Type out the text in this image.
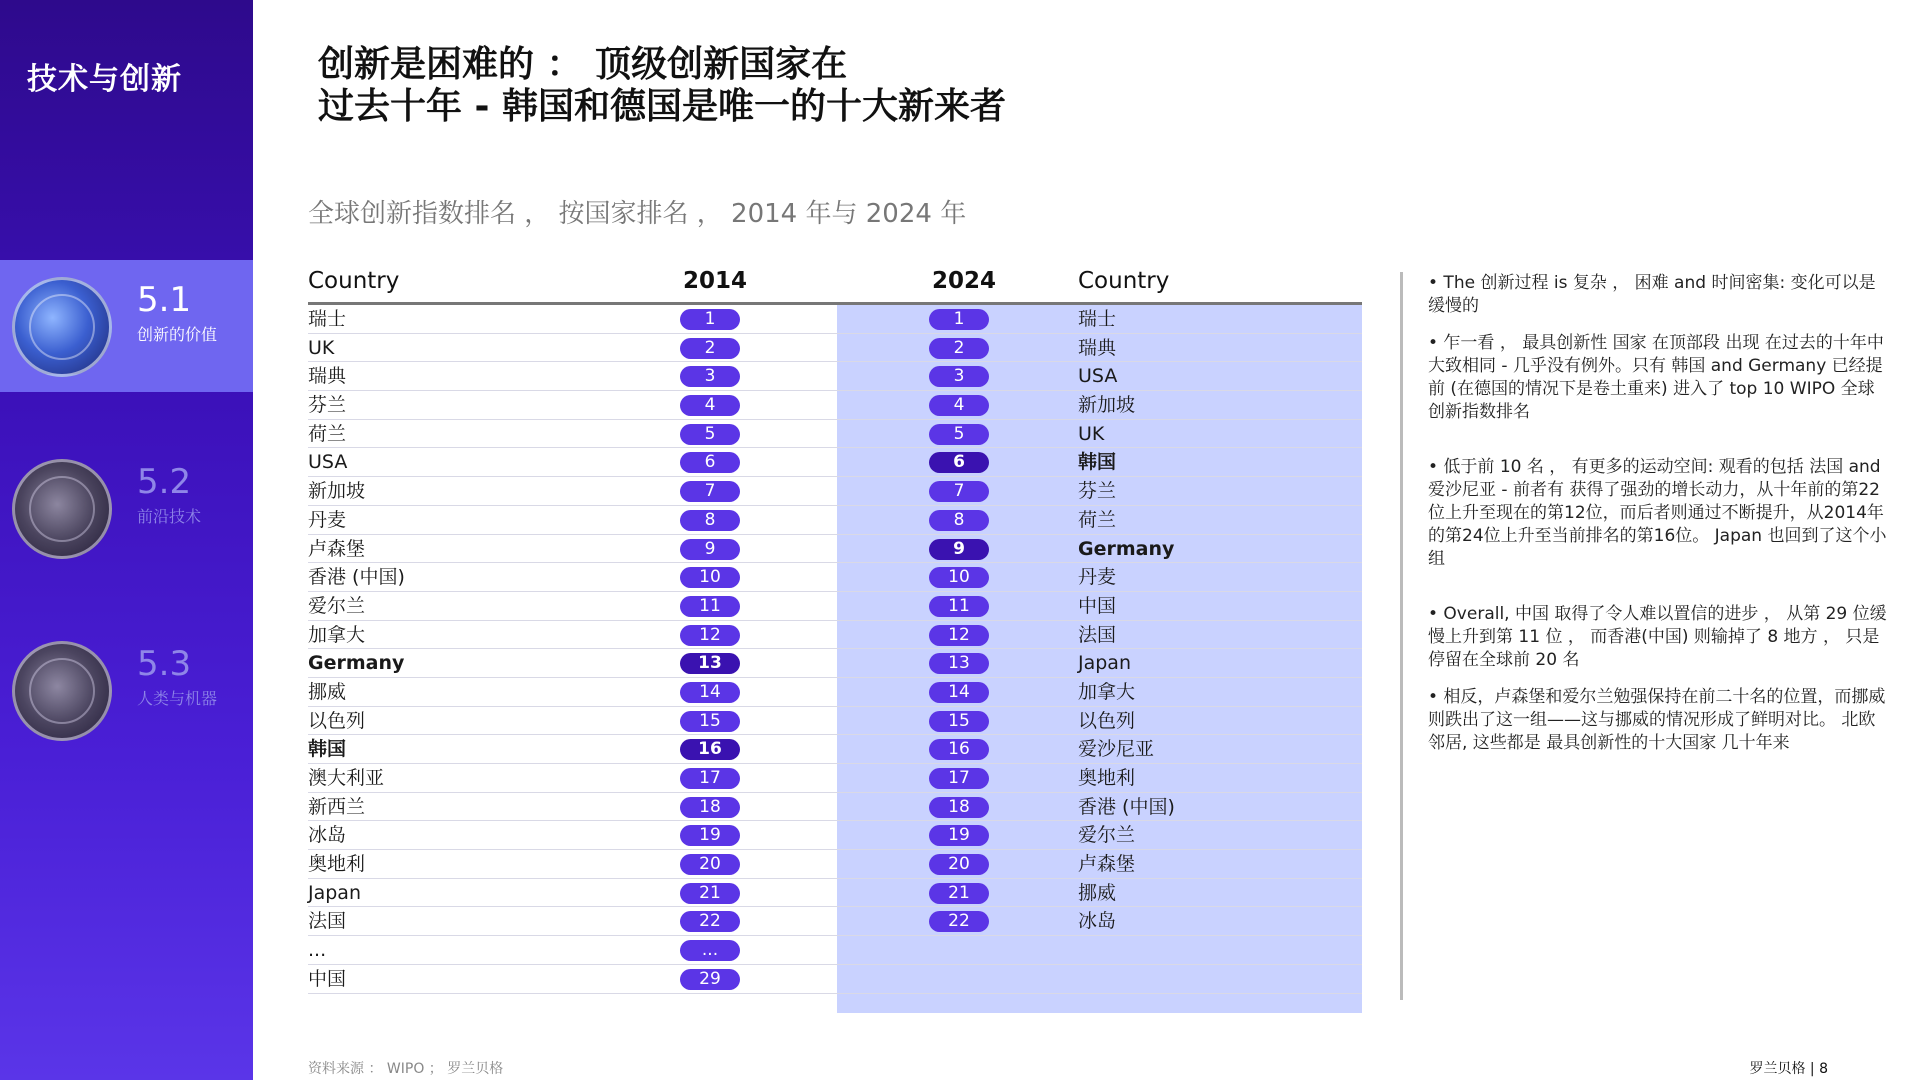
技术与创新
5.1
创新的价值
5.2
前沿技术
5.3
人类与机器
创新是困难的 ： 顶级创新国家在
过去十年 - 韩国和德国是唯一的十大新来者
全球创新指数排名 ， 按国家排名 ， 2014 年与 2024 年
Country	2014	2024	Country
瑞士	1	1	瑞士
UK	2	2	瑞典
瑞典	3	3	USA
芬兰	4	4	新加坡
荷兰	5	5	UK
USA	6	6	韩国
新加坡	7	7	芬兰
丹麦	8	8	荷兰
卢森堡	9	9	Germany
香港 (中国)	10	10	丹麦
爱尔兰	11	11	中国
加拿大	12	12	法国
Germany	13	13	Japan
挪威	14	14	加拿大
以色列	15	15	以色列
韩国	16	16	爱沙尼亚
澳大利亚	17	17	奥地利
新西兰	18	18	香港 (中国)
冰岛	19	19	爱尔兰
奥地利	20	20	卢森堡
Japan	21	21	挪威
法国	22	22	冰岛
...	...
中国	29
• The 创新过程 is 复杂 ， 困难 and 时间密集: 变化可以是缓慢的
• 乍一看 ， 最具创新性 国家 在顶部段 出现 在过去的十年中大致相同 - 几乎没有例外。只有 韩国 and Germany 已经提前 (在德国的情况下是卷土重来) 进入了 top 10 WIPO 全球创新指数排名
• 低于前 10 名 ， 有更多的运动空间: 观看的包括 法国 and 爱沙尼亚 - 前者有 获得了强劲的增长动力，从十年前的第22位上升至现在的第12位，而后者则通过不断提升，从2014年的第24位上升至当前排名的第16位。 Japan 也回到了这个小组
• Overall, 中国 取得了令人难以置信的进步 ， 从第 29 位缓慢上升到第 11 位 ， 而香港(中国) 则输掉了 8 地方 ， 只是停留在全球前 20 名
• 相反，卢森堡和爱尔兰勉强保持在前二十名的位置，而挪威则跌出了这一组——这与挪威的情况形成了鲜明对比。 北欧邻居, 这些都是 最具创新性的十大国家 几十年来
资料来源 ： WIPO ； 罗兰贝格	罗兰贝格 | 8
